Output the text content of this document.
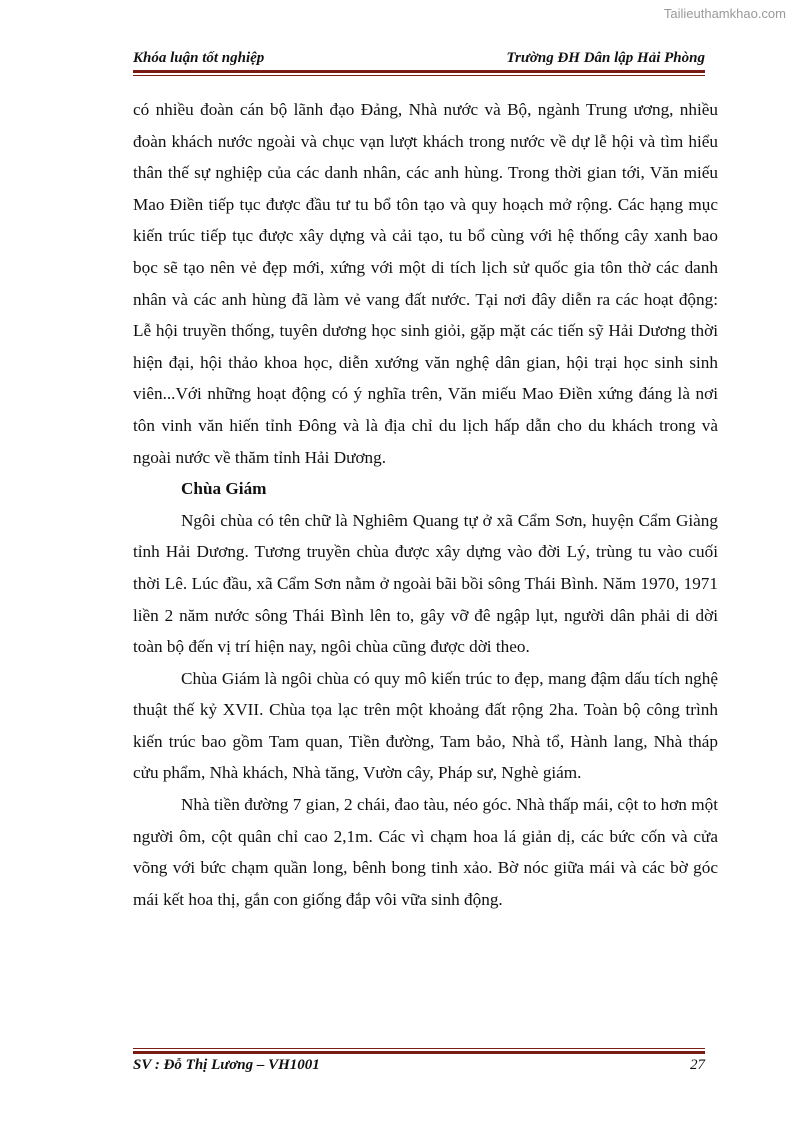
Tailieuthamkhao.com
Khóa luận tốt nghiệp	Trường ĐH Dân lập Hải Phòng

có nhiều đoàn cán bộ lãnh đạo Đảng, Nhà nước và Bộ, ngành Trung ương, nhiều đoàn khách nước ngoài và chục vạn lượt khách trong nước về dự lễ hội và tìm hiểu thân thế sự nghiệp của các danh nhân, các anh hùng. Trong thời gian tới, Văn miếu Mao Điền tiếp tục được đầu tư tu bổ tôn tạo và quy hoạch mở rộng. Các hạng mục kiến trúc tiếp tục được xây dựng và cải tạo, tu bổ cùng với hệ thống cây xanh bao bọc sẽ tạo nên vẻ đẹp mới, xứng với một di tích lịch sử quốc gia tôn thờ các danh nhân và các anh hùng đã làm vẻ vang đất nước. Tại nơi đây diễn ra các hoạt động: Lễ hội truyền thống, tuyên dương học sinh giỏi, gặp mặt các tiến sỹ Hải Dương thời hiện đại, hội thảo khoa học, diễn xướng văn nghệ dân gian, hội trại học sinh sinh viên...Với những hoạt động có ý nghĩa trên, Văn miếu Mao Điền xứng đáng là nơi tôn vinh văn hiến tỉnh Đông và là địa chỉ du lịch hấp dẫn cho du khách trong và ngoài nước về thăm tỉnh Hải Dương.

Chùa Giám

Ngôi chùa có tên chữ là Nghiêm Quang tự ở xã Cẩm Sơn, huyện Cẩm Giàng tỉnh Hải Dương. Tương truyền chùa được xây dựng vào đời Lý, trùng tu vào cuối thời Lê. Lúc đầu, xã Cẩm Sơn nằm ở ngoài bãi bồi sông Thái Bình. Năm 1970, 1971 liền 2 năm nước sông Thái Bình lên to, gây vỡ đê ngập lụt, người dân phải di dời toàn bộ đến vị trí hiện nay, ngôi chùa cũng được dời theo.

Chùa Giám là ngôi chùa có quy mô kiến trúc to đẹp, mang đậm dấu tích nghệ thuật thế kỷ XVII. Chùa tọa lạc trên một khoảng đất rộng 2ha. Toàn bộ công trình kiến trúc bao gồm Tam quan, Tiền đường, Tam bảo, Nhà tổ, Hành lang, Nhà tháp cửu phẩm, Nhà khách, Nhà tăng, Vườn cây, Pháp sư, Nghè giám.

Nhà tiền đường 7 gian, 2 chái, đao tàu, néo góc. Nhà thấp mái, cột to hơn một người ôm, cột quân chỉ cao 2,1m. Các vì chạm hoa lá giản dị, các bức cốn và cửa võng với bức chạm quần long, bênh bong tinh xảo. Bờ nóc giữa mái và các bờ góc mái kết hoa thị, gắn con giống đắp vôi vữa sinh động.

SV : Đỗ Thị Lương – VH1001	27
